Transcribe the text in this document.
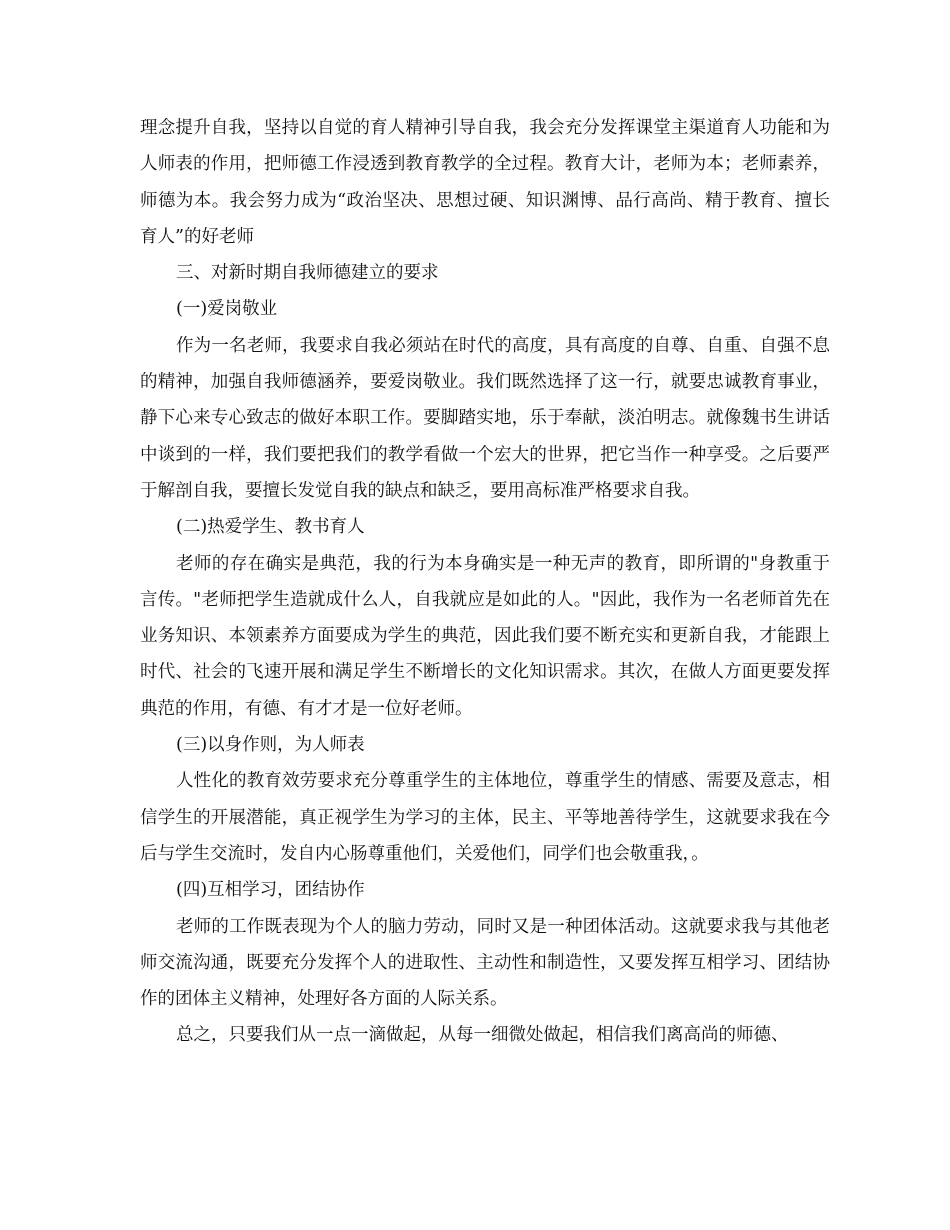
理念提升自我，坚持以自觉的育人精神引导自我，我会充分发挥课堂主渠道育人功能和为人师表的作用，把师德工作浸透到教育教学的全过程。教育大计，老师为本；老师素养，师德为本。我会努力成为“政治坚决、思想过硬、知识渊博、品行高尚、精于教育、擅长育人”的好老师

三、对新时期自我师德建立的要求

(一)爱岗敬业

作为一名老师，我要求自我必须站在时代的高度，具有高度的自尊、自重、自强不息的精神，加强自我师德涵养，要爱岗敬业。我们既然选择了这一行，就要忠诚教育事业，静下心来专心致志的做好本职工作。要脚踏实地，乐于奉献，淡泊明志。就像魏书生讲话中谈到的一样，我们要把我们的教学看做一个宏大的世界，把它当作一种享受。之后要严于解剖自我，要擅长发觉自我的缺点和缺乏，要用高标准严格要求自我。

(二)热爱学生、教书育人

老师的存在确实是典范，我的行为本身确实是一种无声的教育，即所谓的"身教重于言传。"老师把学生造就成什么人，自我就应是如此的人。"因此，我作为一名老师首先在业务知识、本领素养方面要成为学生的典范，因此我们要不断充实和更新自我，才能跟上时代、社会的飞速开展和满足学生不断增长的文化知识需求。其次，在做人方面更要发挥典范的作用，有德、有才才是一位好老师。

(三)以身作则，为人师表

人性化的教育效劳要求充分尊重学生的主体地位，尊重学生的情感、需要及意志，相信学生的开展潜能，真正视学生为学习的主体，民主、平等地善待学生，这就要求我在今后与学生交流时，发自内心肠尊重他们，关爱他们，同学们也会敬重我，。

(四)互相学习，团结协作

老师的工作既表现为个人的脑力劳动，同时又是一种团体活动。这就要求我与其他老师交流沟通，既要充分发挥个人的进取性、主动性和制造性，又要发挥互相学习、团结协作的团体主义精神，处理好各方面的人际关系。

总之，只要我们从一点一滴做起，从每一细微处做起，相信我们离高尚的师德、
